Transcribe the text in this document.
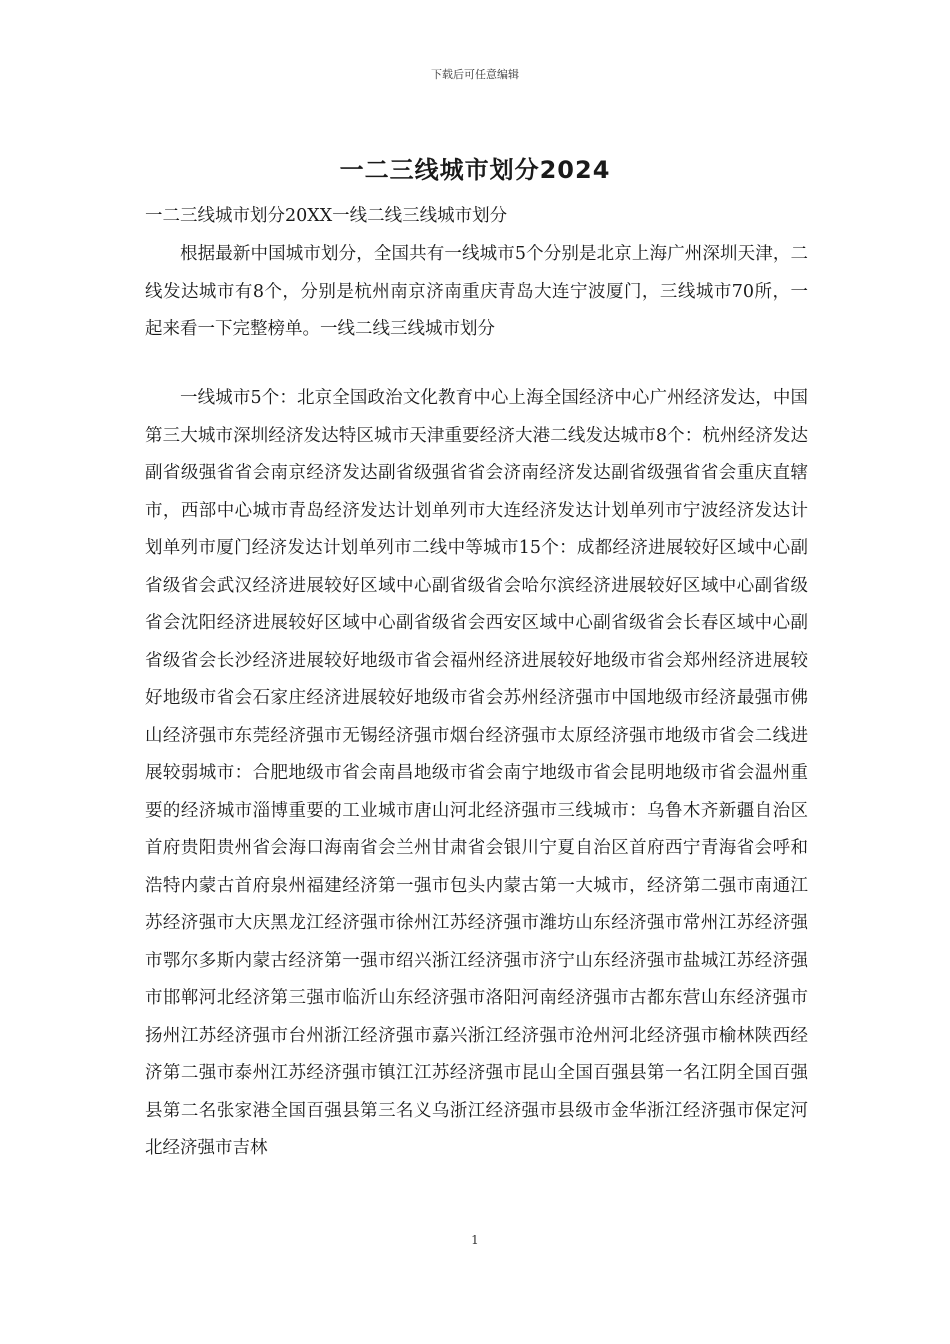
下载后可任意编辑
一二三线城市划分2024
一二三线城市划分20XX一线二线三线城市划分
根据最新中国城市划分，全国共有一线城市5个分别是北京上海广州深圳天津，二线发达城市有8个，分别是杭州南京济南重庆青岛大连宁波厦门，三线城市70所，一起来看一下完整榜单。一线二线三线城市划分
一线城市5个：北京全国政治文化教育中心上海全国经济中心广州经济发达，中国第三大城市深圳经济发达特区城市天津重要经济大港二线发达城市8个：杭州经济发达副省级强省省会南京经济发达副省级强省省会济南经济发达副省级强省省会重庆直辖市，西部中心城市青岛经济发达计划单列市大连经济发达计划单列市宁波经济发达计划单列市厦门经济发达计划单列市二线中等城市15个：成都经济进展较好区域中心副省级省会武汉经济进展较好区域中心副省级省会哈尔滨经济进展较好区域中心副省级省会沈阳经济进展较好区域中心副省级省会西安区域中心副省级省会长春区域中心副省级省会长沙经济进展较好地级市省会福州经济进展较好地级市省会郑州经济进展较好地级市省会石家庄经济进展较好地级市省会苏州经济强市中国地级市经济最强市佛山经济强市东莞经济强市无锡经济强市烟台经济强市太原经济强市地级市省会二线进展较弱城市：合肥地级市省会南昌地级市省会南宁地级市省会昆明地级市省会温州重要的经济城市淄博重要的工业城市唐山河北经济强市三线城市：乌鲁木齐新疆自治区首府贵阳贵州省会海口海南省会兰州甘肃省会银川宁夏自治区首府西宁青海省会呼和浩特内蒙古首府泉州福建经济第一强市包头内蒙古第一大城市，经济第二强市南通江苏经济强市大庆黑龙江经济强市徐州江苏经济强市潍坊山东经济强市常州江苏经济强市鄂尔多斯内蒙古经济第一强市绍兴浙江经济强市济宁山东经济强市盐城江苏经济强市邯郸河北经济第三强市临沂山东经济强市洛阳河南经济强市古都东营山东经济强市扬州江苏经济强市台州浙江经济强市嘉兴浙江经济强市沧州河北经济强市榆林陕西经济第二强市泰州江苏经济强市镇江江苏经济强市昆山全国百强县第一名江阴全国百强县第二名张家港全国百强县第三名义乌浙江经济强市县级市金华浙江经济强市保定河北经济强市吉林
1
